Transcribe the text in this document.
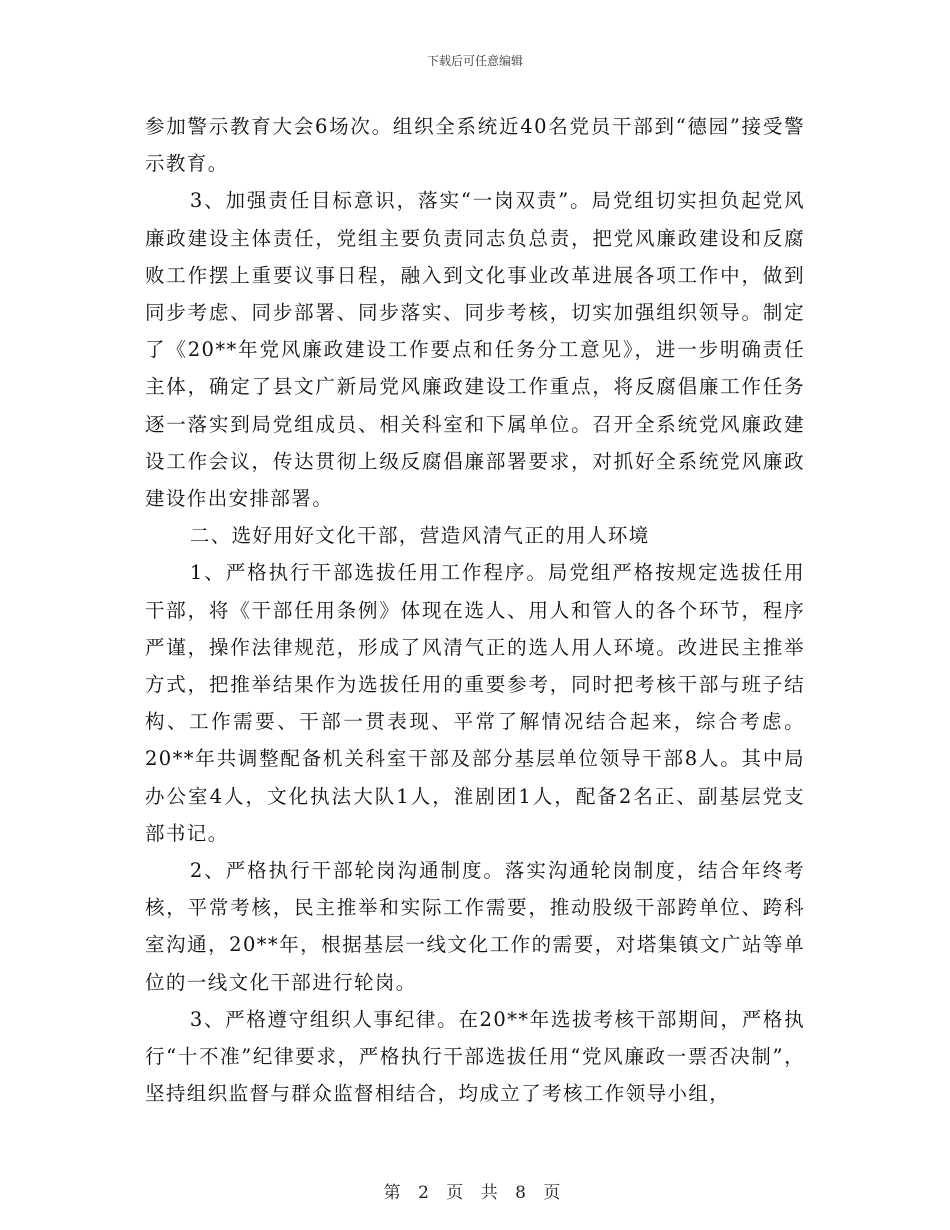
下载后可任意编辑

参加警示教育大会6场次。组织全系统近40名党员干部到“德园”接受警示教育。

3、加强责任目标意识，落实“一岗双责”。局党组切实担负起党风廉政建设主体责任，党组主要负责同志负总责，把党风廉政建设和反腐败工作摆上重要议事日程，融入到文化事业改革进展各项工作中，做到同步考虑、同步部署、同步落实、同步考核，切实加强组织领导。制定了《20**年党风廉政建设工作要点和任务分工意见》，进一步明确责任主体，确定了县文广新局党风廉政建设工作重点，将反腐倡廉工作任务逐一落实到局党组成员、相关科室和下属单位。召开全系统党风廉政建设工作会议，传达贯彻上级反腐倡廉部署要求，对抓好全系统党风廉政建设作出安排部署。

二、选好用好文化干部，营造风清气正的用人环境

1、严格执行干部选拔任用工作程序。局党组严格按规定选拔任用干部，将《干部任用条例》体现在选人、用人和管人的各个环节，程序严谨，操作法律规范，形成了风清气正的选人用人环境。改进民主推举方式，把推举结果作为选拔任用的重要参考，同时把考核干部与班子结构、工作需要、干部一贯表现、平常了解情况结合起来，综合考虑。20**年共调整配备机关科室干部及部分基层单位领导干部8人。其中局办公室4人，文化执法大队1人，淮剧团1人，配备2名正、副基层党支部书记。

2、严格执行干部轮岗沟通制度。落实沟通轮岗制度，结合年终考核，平常考核，民主推举和实际工作需要，推动股级干部跨单位、跨科室沟通，20**年，根据基层一线文化工作的需要，对塔集镇文广站等单位的一线文化干部进行轮岗。

3、严格遵守组织人事纪律。在20**年选拔考核干部期间，严格执行“十不准”纪律要求，严格执行干部选拔任用“党风廉政一票否决制”，坚持组织监督与群众监督相结合，均成立了考核工作领导小组，

第 2 页 共 8 页
